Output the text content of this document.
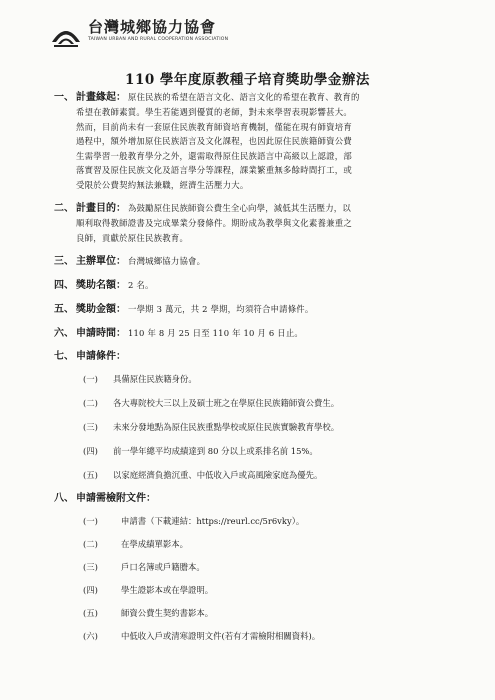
台灣城鄉協力協會
TAIWAN URBAN AND RURAL COOPERATION ASSOCIATION
110 學年度原教種子培育獎助學金辦法
一、 計畫緣起 ： 原住民族的希望在語言文化、語言文化的希望在教育、教育的
希望在教師素質。學生若能遇到優質的老師，對未來學習表現影響甚大。
然而，目前尚未有一套原住民族教育師資培育機制，僅能在現有師資培育
過程中，額外增加原住民族語言及文化課程，也因此原住民族籍師資公費
生需學習一般教育學分之外，還需取得原住民族語言中高級以上認證，部
落實習及原住民族文化及語言學分等課程，課業繁重無多餘時間打工，或
受限於公費契約無法兼職，經濟生活壓力大。
二、 計畫目的 ： 為鼓勵原住民族師資公費生全心向學，減低其生活壓力，以
順利取得教師證書及完成畢業分發條件。期盼成為教學與文化素養兼重之
良師，貢獻於原住民族教育。
三、 主辦單位 ： 台灣城鄉協力協會。
四、 獎助名額 ： 2 名。
五、 獎助金額 ： 一學期 3 萬元，共 2 學期，均須符合申請條件。
六、 申請時間 ： 110 年 8 月 25 日至 110 年 10 月 6 日止。
七、 申請條件 ：
(一)	具備原住民族籍身份。
(二)	各大專院校大三以上及碩士班之在學原住民族籍師資公費生。
(三)	未來分發地點為原住民族重點學校或原住民族實驗教育學校。
(四)	前一學年總平均成績達到 80 分以上或系排名前 15%。
(五)	以家庭經濟負擔沉重、中低收入戶或高風險家庭為優先。
八、 申請需檢附文件 ：
(一)	申請書（下載連結：https://reurl.cc/5r6vky）。
(二)	在學成績單影本。
(三)	戶口名簿或戶籍謄本。
(四)	學生證影本或在學證明。
(五)	師資公費生契約書影本。
(六)	中低收入戶或清寒證明文件(若有才需檢附相關資料)。
